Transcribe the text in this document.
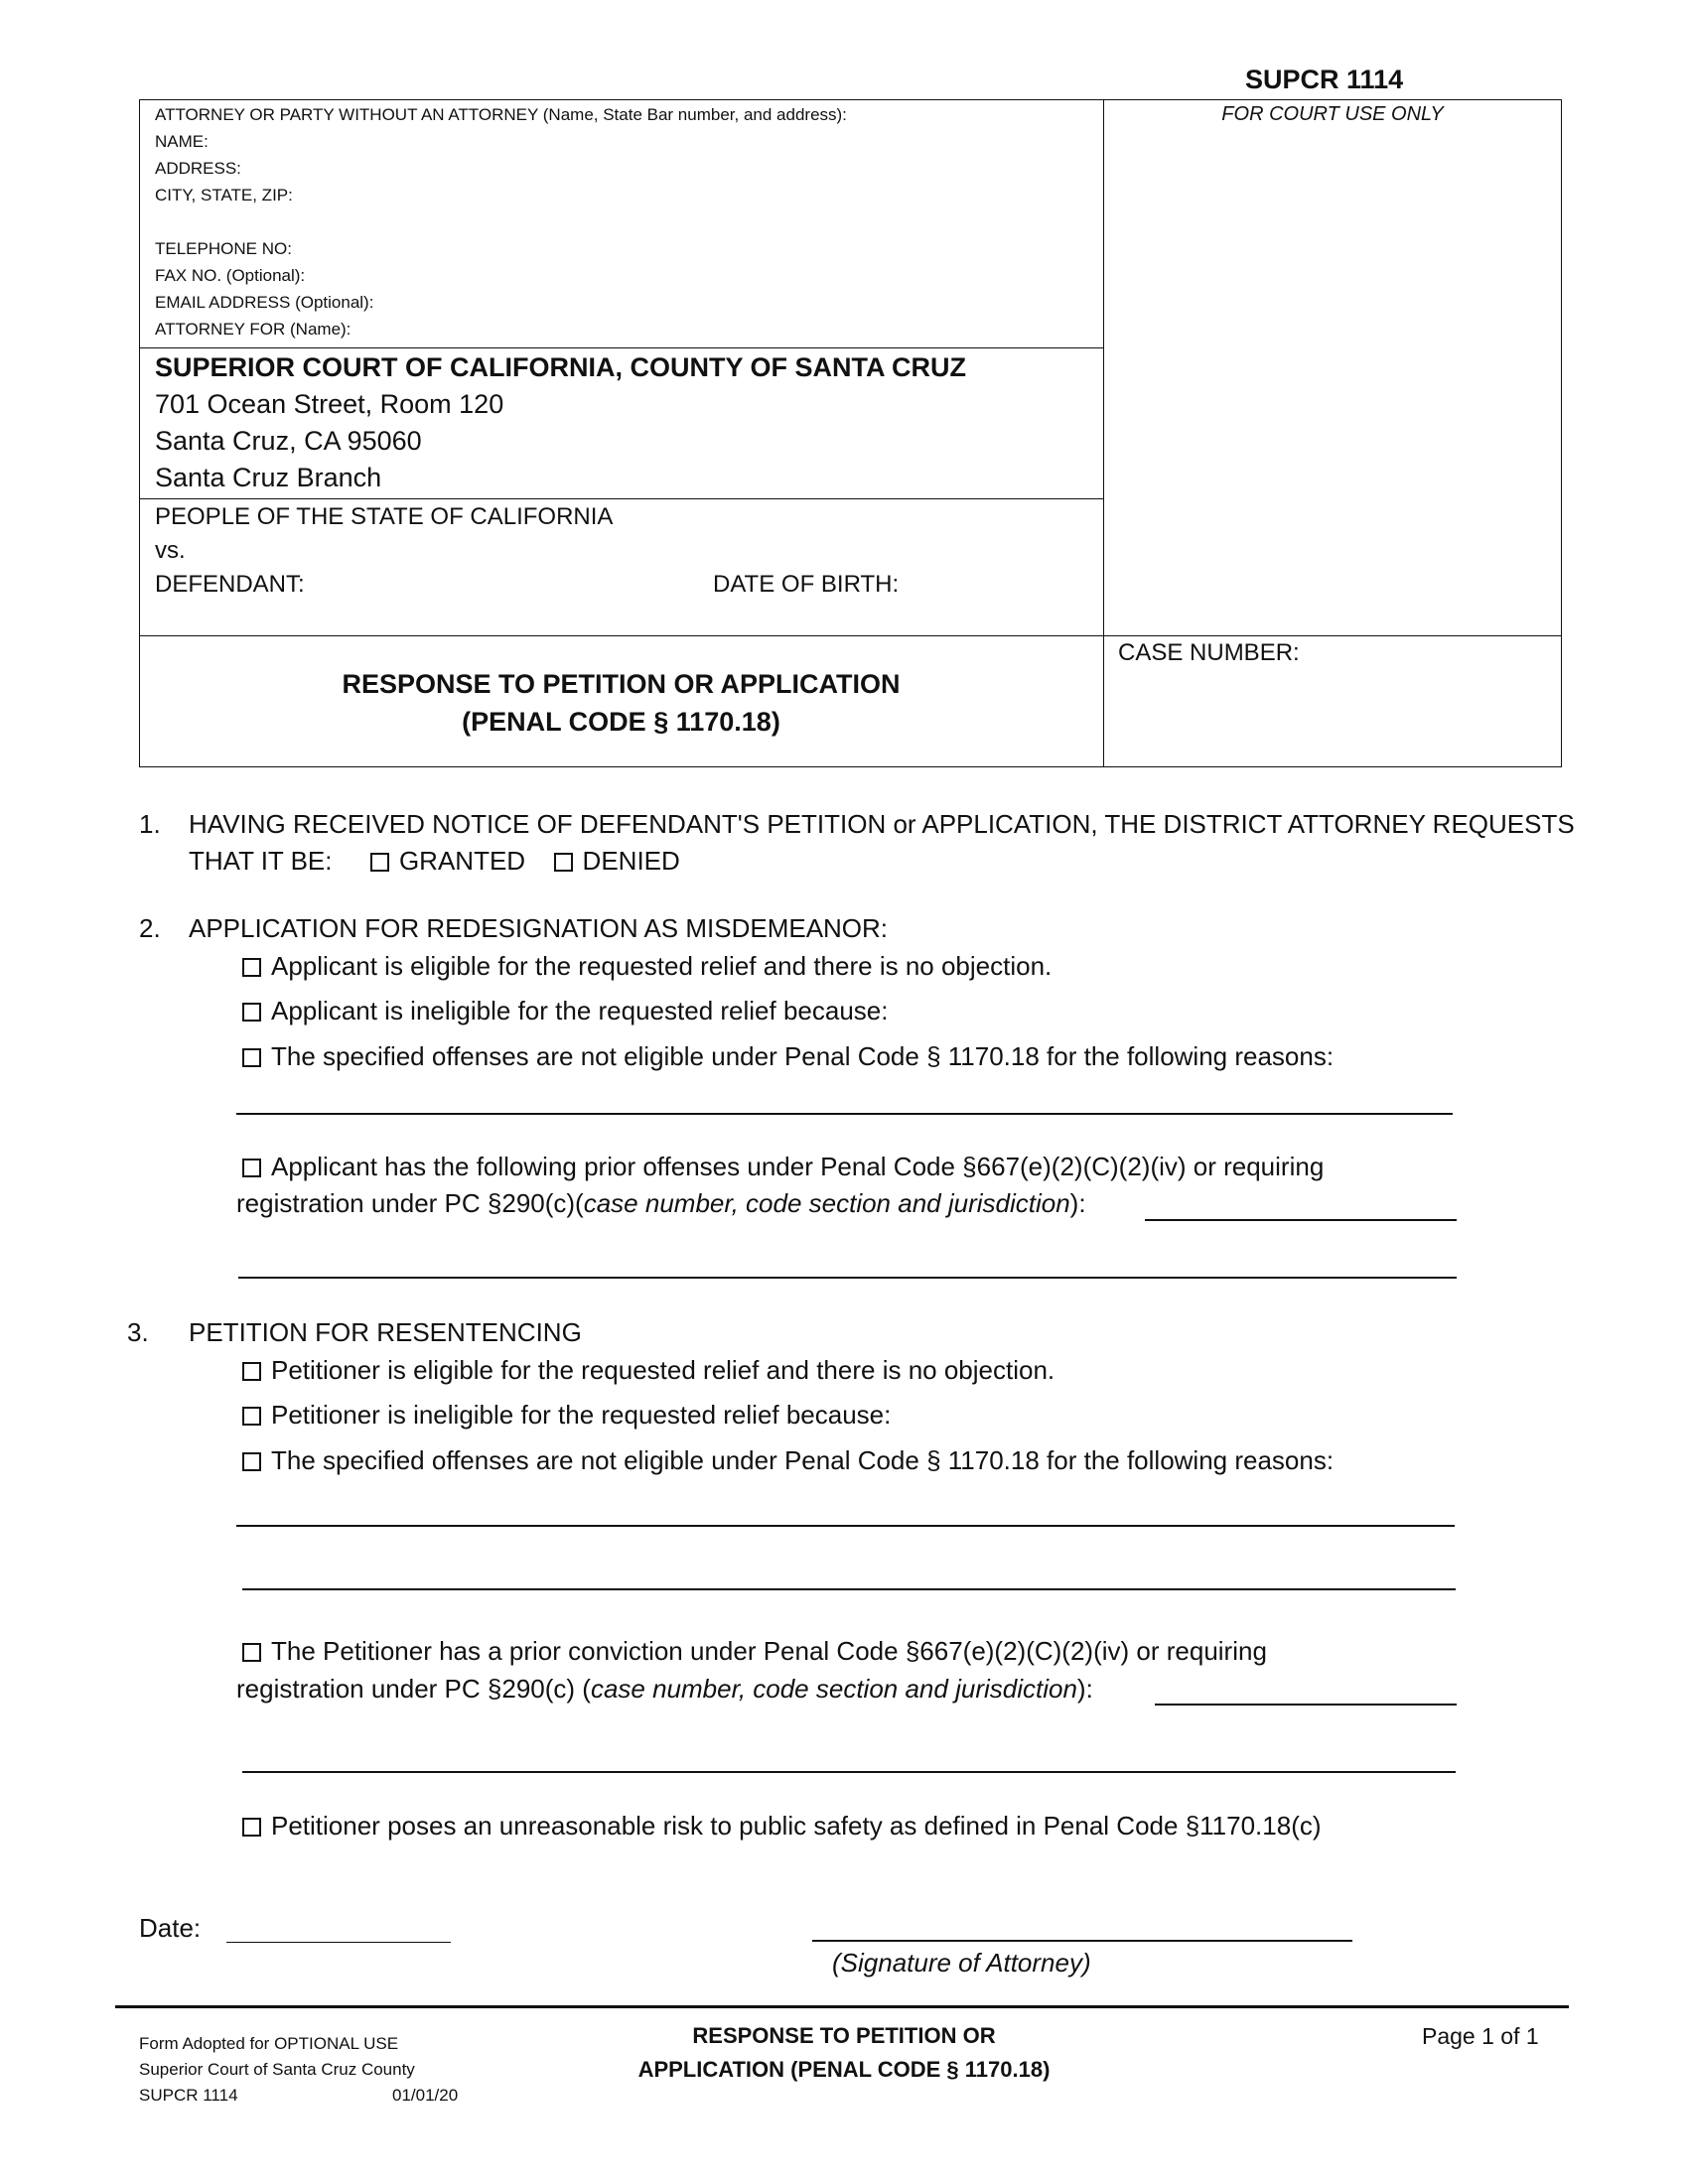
SUPCR 1114
FOR COURT USE ONLY
ATTORNEY OR PARTY WITHOUT AN ATTORNEY (Name, State Bar number, and address):
NAME:
ADDRESS:
CITY, STATE, ZIP:
TELEPHONE NO:
FAX NO. (Optional):
EMAIL ADDRESS (Optional):
ATTORNEY FOR (Name):
SUPERIOR COURT OF CALIFORNIA, COUNTY OF SANTA CRUZ
701 Ocean Street, Room 120
Santa Cruz, CA 95060
Santa Cruz Branch
PEOPLE OF THE STATE OF CALIFORNIA
vs.
DEFENDANT:	DATE OF BIRTH:
RESPONSE TO PETITION OR APPLICATION
(PENAL CODE § 1170.18)
CASE NUMBER:
1. HAVING RECEIVED NOTICE OF DEFENDANT'S PETITION or APPLICATION, THE DISTRICT ATTORNEY REQUESTS
THAT IT BE:	GRANTED DENIED
2. APPLICATION FOR REDESIGNATION AS MISDEMEANOR:
Applicant is eligible for the requested relief and there is no objection.
Applicant is ineligible for the requested relief because:
The specified offenses are not eligible under Penal Code § 1170.18 for the following reasons:
Applicant has the following prior offenses under Penal Code §667(e)(2)(C)(2)(iv) or requiring
registration under PC §290(c)(case number, code section and jurisdiction):
3. PETITION FOR RESENTENCING
Petitioner is eligible for the requested relief and there is no objection.
Petitioner is ineligible for the requested relief because:
The specified offenses are not eligible under Penal Code § 1170.18 for the following reasons:
The Petitioner has a prior conviction under Penal Code §667(e)(2)(C)(2)(iv) or requiring
registration under PC §290(c) (case number, code section and jurisdiction):
Petitioner poses an unreasonable risk to public safety as defined in Penal Code §1170.18(c)
Date:
(Signature of Attorney)
Form Adopted for OPTIONAL USE
Superior Court of Santa Cruz County
SUPCR 1114	01/01/20
RESPONSE TO PETITION OR
APPLICATION (PENAL CODE § 1170.18)
Page 1 of 1
